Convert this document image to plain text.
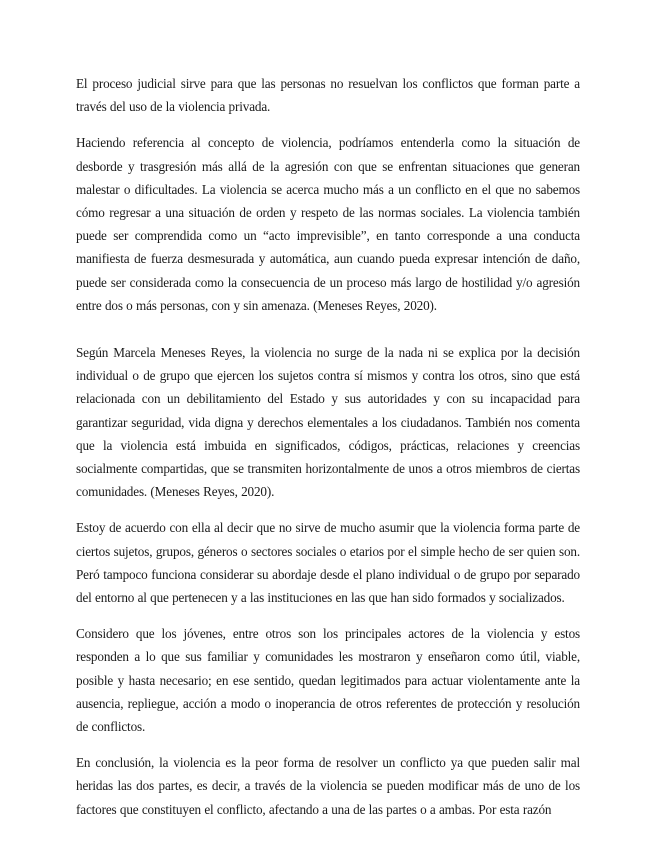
El proceso judicial sirve para que las personas no resuelvan los conflictos que forman parte a través del uso de la violencia privada.

Haciendo referencia al concepto de violencia, podríamos entenderla como la situación de desborde y trasgresión más allá de la agresión con que se enfrentan situaciones que generan malestar o dificultades. La violencia se acerca mucho más a un conflicto en el que no sabemos cómo regresar a una situación de orden y respeto de las normas sociales. La violencia también puede ser comprendida como un “acto imprevisible”, en tanto corresponde a una conducta manifiesta de fuerza desmesurada y automática, aun cuando pueda expresar intención de daño, puede ser considerada como la consecuencia de un proceso más largo de hostilidad y/o agresión entre dos o más personas, con y sin amenaza. (Meneses Reyes, 2020).

Según Marcela Meneses Reyes, la violencia no surge de la nada ni se explica por la decisión individual o de grupo que ejercen los sujetos contra sí mismos y contra los otros, sino que está relacionada con un debilitamiento del Estado y sus autoridades y con su incapacidad para garantizar seguridad, vida digna y derechos elementales a los ciudadanos. También nos comenta que la violencia está imbuida en significados, códigos, prácticas, relaciones y creencias socialmente compartidas, que se transmiten horizontalmente de unos a otros miembros de ciertas comunidades. (Meneses Reyes, 2020).

Estoy de acuerdo con ella al decir que no sirve de mucho asumir que la violencia forma parte de ciertos sujetos, grupos, géneros o sectores sociales o etarios por el simple hecho de ser quien son. Peró tampoco funciona considerar su abordaje desde el plano individual o de grupo por separado del entorno al que pertenecen y a las instituciones en las que han sido formados y socializados.

Considero que los jóvenes, entre otros son los principales actores de la violencia y estos responden a lo que sus familiar y comunidades les mostraron y enseñaron como útil, viable, posible y hasta necesario; en ese sentido, quedan legitimados para actuar violentamente ante la ausencia, repliegue, acción a modo o inoperancia de otros referentes de protección y resolución de conflictos.

En conclusión, la violencia es la peor forma de resolver un conflicto ya que pueden salir mal heridas las dos partes, es decir, a través de la violencia se pueden modificar más de uno de los factores que constituyen el conflicto, afectando a una de las partes o a ambas. Por esta razón
